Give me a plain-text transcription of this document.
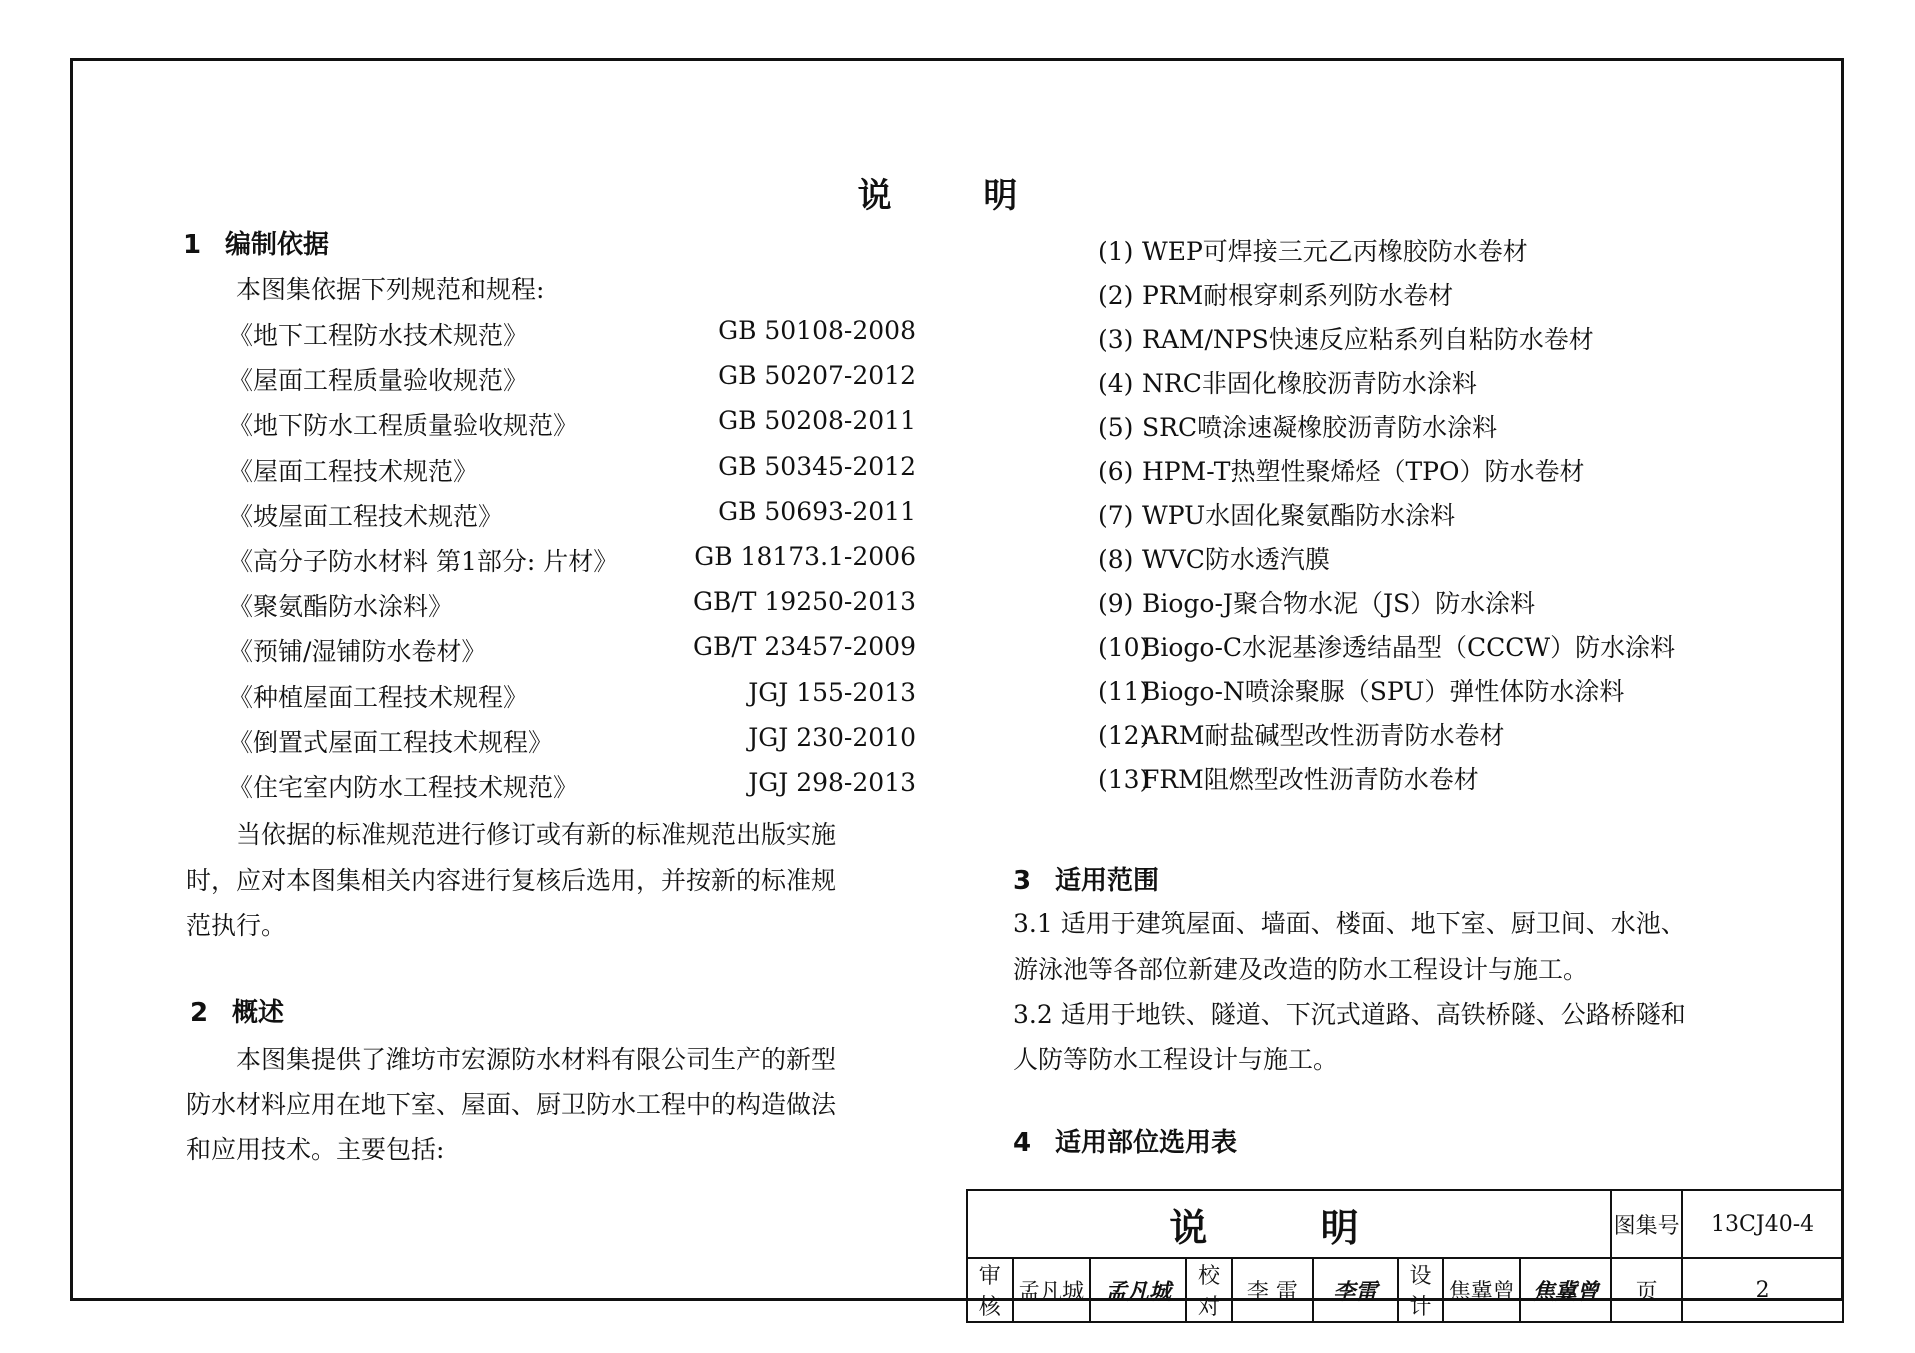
说 明
1 编制依据
本图集依据下列规范和规程:
《地下工程防水技术规范》	GB 50108-2008
《屋面工程质量验收规范》	GB 50207-2012
《地下防水工程质量验收规范》	GB 50208-2011
《屋面工程技术规范》	GB 50345-2012
《坡屋面工程技术规范》	GB 50693-2011
《高分子防水材料 第1部分: 片材》	GB 18173.1-2006
《聚氨酯防水涂料》	GB/T 19250-2013
《预铺/湿铺防水卷材》	GB/T 23457-2009
《种植屋面工程技术规程》	JGJ 155-2013
《倒置式屋面工程技术规程》	JGJ 230-2010
《住宅室内防水工程技术规范》	JGJ 298-2013
当依据的标准规范进行修订或有新的标准规范出版实施
时，应对本图集相关内容进行复核后选用，并按新的标准规
范执行。
2 概述
本图集提供了潍坊市宏源防水材料有限公司生产的新型
防水材料应用在地下室、屋面、厨卫防水工程中的构造做法
和应用技术。主要包括:
(1) WEP可焊接三元乙丙橡胶防水卷材
(2) PRM耐根穿刺系列防水卷材
(3) RAM/NPS快速反应粘系列自粘防水卷材
(4) NRC非固化橡胶沥青防水涂料
(5) SRC喷涂速凝橡胶沥青防水涂料
(6) HPM-T热塑性聚烯烃（TPO）防水卷材
(7) WPU水固化聚氨酯防水涂料
(8) WVC防水透汽膜
(9) Biogo-J聚合物水泥（JS）防水涂料
(10)Biogo-C水泥基渗透结晶型（CCCW）防水涂料
(11)Biogo-N喷涂聚脲（SPU）弹性体防水涂料
(12)ARM耐盐碱型改性沥青防水卷材
(13)FRM阻燃型改性沥青防水卷材
3 适用范围
3.1 适用于建筑屋面、墙面、楼面、地下室、厨卫间、水池、
游泳池等各部位新建及改造的防水工程设计与施工。
3.2 适用于地铁、隧道、下沉式道路、高铁桥隧、公路桥隧和
人防等防水工程设计与施工。
4 适用部位选用表
说 明									图集号	13CJ40-4
审核	孟凡城	孟凡城	校对	李 雷	李雷	设计	焦冀曾	焦冀曾	页	2
